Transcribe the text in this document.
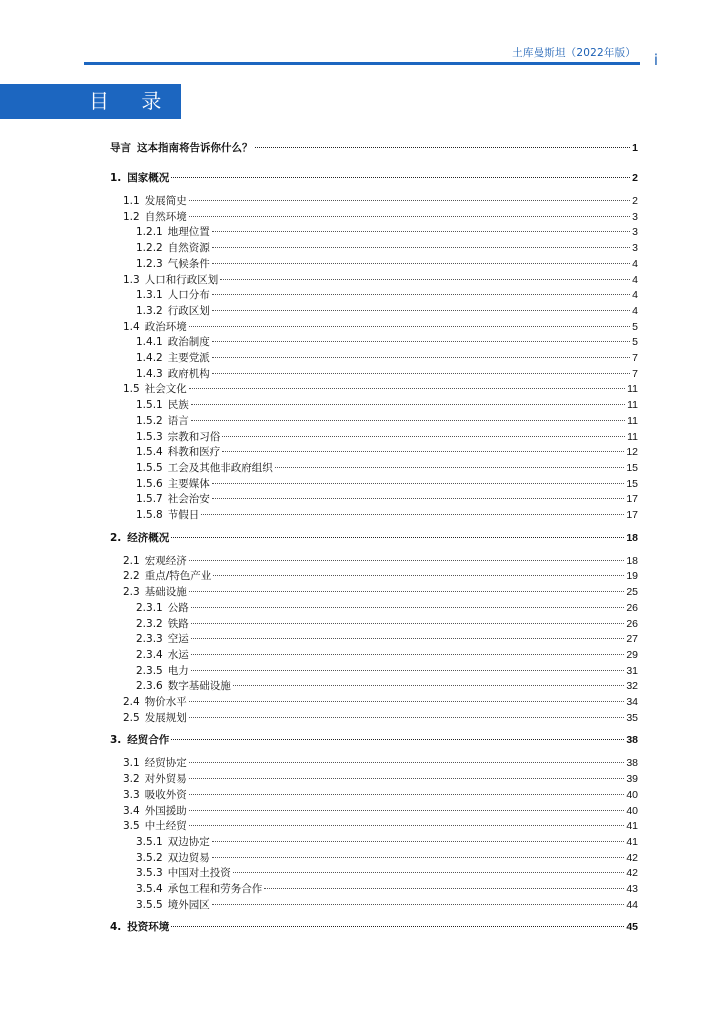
土库曼斯坦（2022年版） i
目 录
导言 这本指南将告诉你什么？	1
1. 国家概况	2
1.1 发展简史	2
1.2 自然环境	3
1.2.1 地理位置	3
1.2.2 自然资源	3
1.2.3 气候条件	4
1.3 人口和行政区划	4
1.3.1 人口分布	4
1.3.2 行政区划	4
1.4 政治环境	5
1.4.1 政治制度	5
1.4.2 主要党派	7
1.4.3 政府机构	7
1.5 社会文化	11
1.5.1 民族	11
1.5.2 语言	11
1.5.3 宗教和习俗	11
1.5.4 科教和医疗	12
1.5.5 工会及其他非政府组织	15
1.5.6 主要媒体	15
1.5.7 社会治安	17
1.5.8 节假日	17
2. 经济概况	18
2.1 宏观经济	18
2.2 重点/特色产业	19
2.3 基础设施	25
2.3.1 公路	26
2.3.2 铁路	26
2.3.3 空运	27
2.3.4 水运	29
2.3.5 电力	31
2.3.6 数字基础设施	32
2.4 物价水平	34
2.5 发展规划	35
3. 经贸合作	38
3.1 经贸协定	38
3.2 对外贸易	39
3.3 吸收外资	40
3.4 外国援助	40
3.5 中土经贸	41
3.5.1 双边协定	41
3.5.2 双边贸易	42
3.5.3 中国对土投资	42
3.5.4 承包工程和劳务合作	43
3.5.5 境外园区	44
4. 投资环境	45
